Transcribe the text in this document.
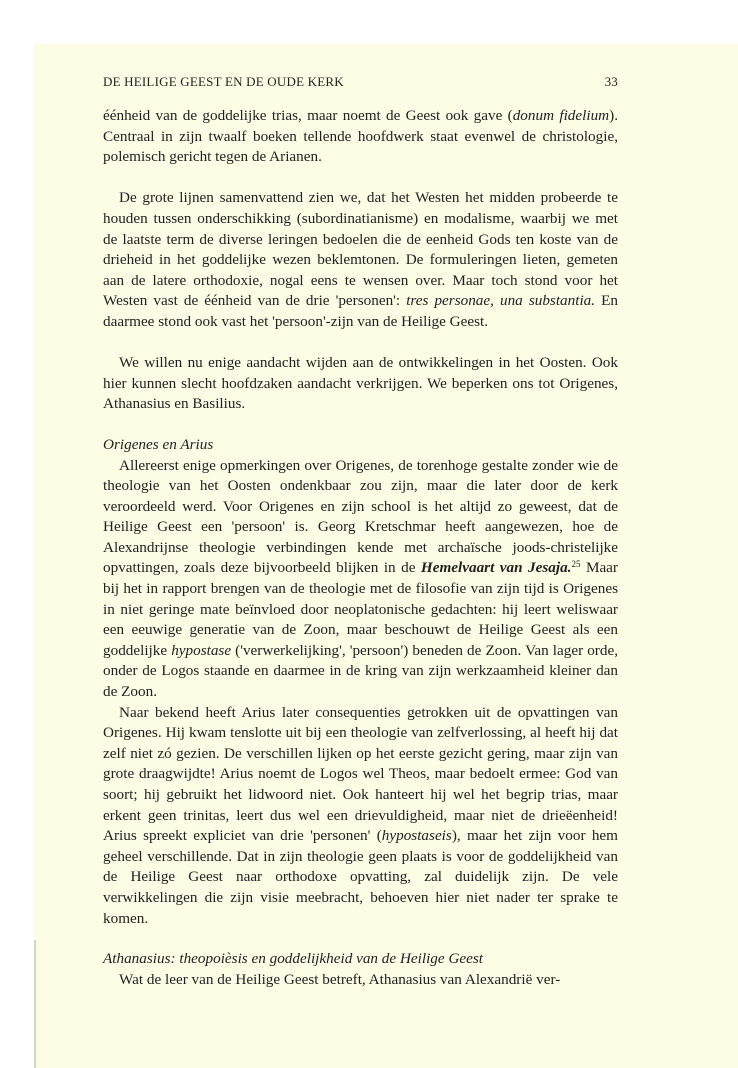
DE HEILIGE GEEST EN DE OUDE KERK	33

éénheid van de goddelijke trias, maar noemt de Geest ook gave (donum fidelium). Centraal in zijn twaalf boeken tellende hoofdwerk staat evenwel de christologie, polemisch gericht tegen de Arianen.

De grote lijnen samenvattend zien we, dat het Westen het midden probeerde te houden tussen onderschikking (subordinatianisme) en modalisme, waarbij we met de laatste term de diverse leringen bedoelen die de eenheid Gods ten koste van de drieheid in het goddelijke wezen beklemtonen. De formuleringen lieten, gemeten aan de latere orthodoxie, nogal eens te wensen over. Maar toch stond voor het Westen vast de éénheid van de drie 'personen': tres personae, una substantia. En daarmee stond ook vast het 'persoon'-zijn van de Heilige Geest.

We willen nu enige aandacht wijden aan de ontwikkelingen in het Oosten. Ook hier kunnen slecht hoofdzaken aandacht verkrijgen. We beperken ons tot Origenes, Athanasius en Basilius.

Origenes en Arius

Allereerst enige opmerkingen over Origenes, de torenhoge gestalte zonder wie de theologie van het Oosten ondenkbaar zou zijn, maar die later door de kerk veroordeeld werd. Voor Origenes en zijn school is het altijd zo geweest, dat de Heilige Geest een 'persoon' is. Georg Kretschmar heeft aangewezen, hoe de Alexandrijnse theologie verbindingen kende met archaïsche joods-christelijke opvattingen, zoals deze bijvoorbeeld blijken in de Hemelvaart van Jesaja.$^{25}$ Maar bij het in rapport brengen van de theologie met de filosofie van zijn tijd is Origenes in niet geringe mate beïnvloed door neoplatonische gedachten: hij leert weliswaar een eeuwige generatie van de Zoon, maar beschouwt de Heilige Geest als een goddelijke hypostase ('verwerkelijking', 'persoon') beneden de Zoon. Van lager orde, onder de Logos staande en daarmee in de kring van zijn werkzaamheid kleiner dan de Zoon.

Naar bekend heeft Arius later consequenties getrokken uit de opvattingen van Origenes. Hij kwam tenslotte uit bij een theologie van zelfverlossing, al heeft hij dat zelf niet zó gezien. De verschillen lijken op het eerste gezicht gering, maar zijn van grote draagwijdte! Arius noemt de Logos wel Theos, maar bedoelt ermee: God van soort; hij gebruikt het lidwoord niet. Ook hanteert hij wel het begrip trias, maar erkent geen trinitas, leert dus wel een drievuldigheid, maar niet de drieëenheid! Arius spreekt expliciet van drie 'personen' (hypostaseis), maar het zijn voor hem geheel verschillende. Dat in zijn theologie geen plaats is voor de goddelijkheid van de Heilige Geest naar orthodoxe opvatting, zal duidelijk zijn. De vele verwikkelingen die zijn visie meebracht, behoeven hier niet nader ter sprake te komen.

Athanasius: theopoièsis en goddelijkheid van de Heilige Geest

Wat de leer van de Heilige Geest betreft, Athanasius van Alexandrië ver-
